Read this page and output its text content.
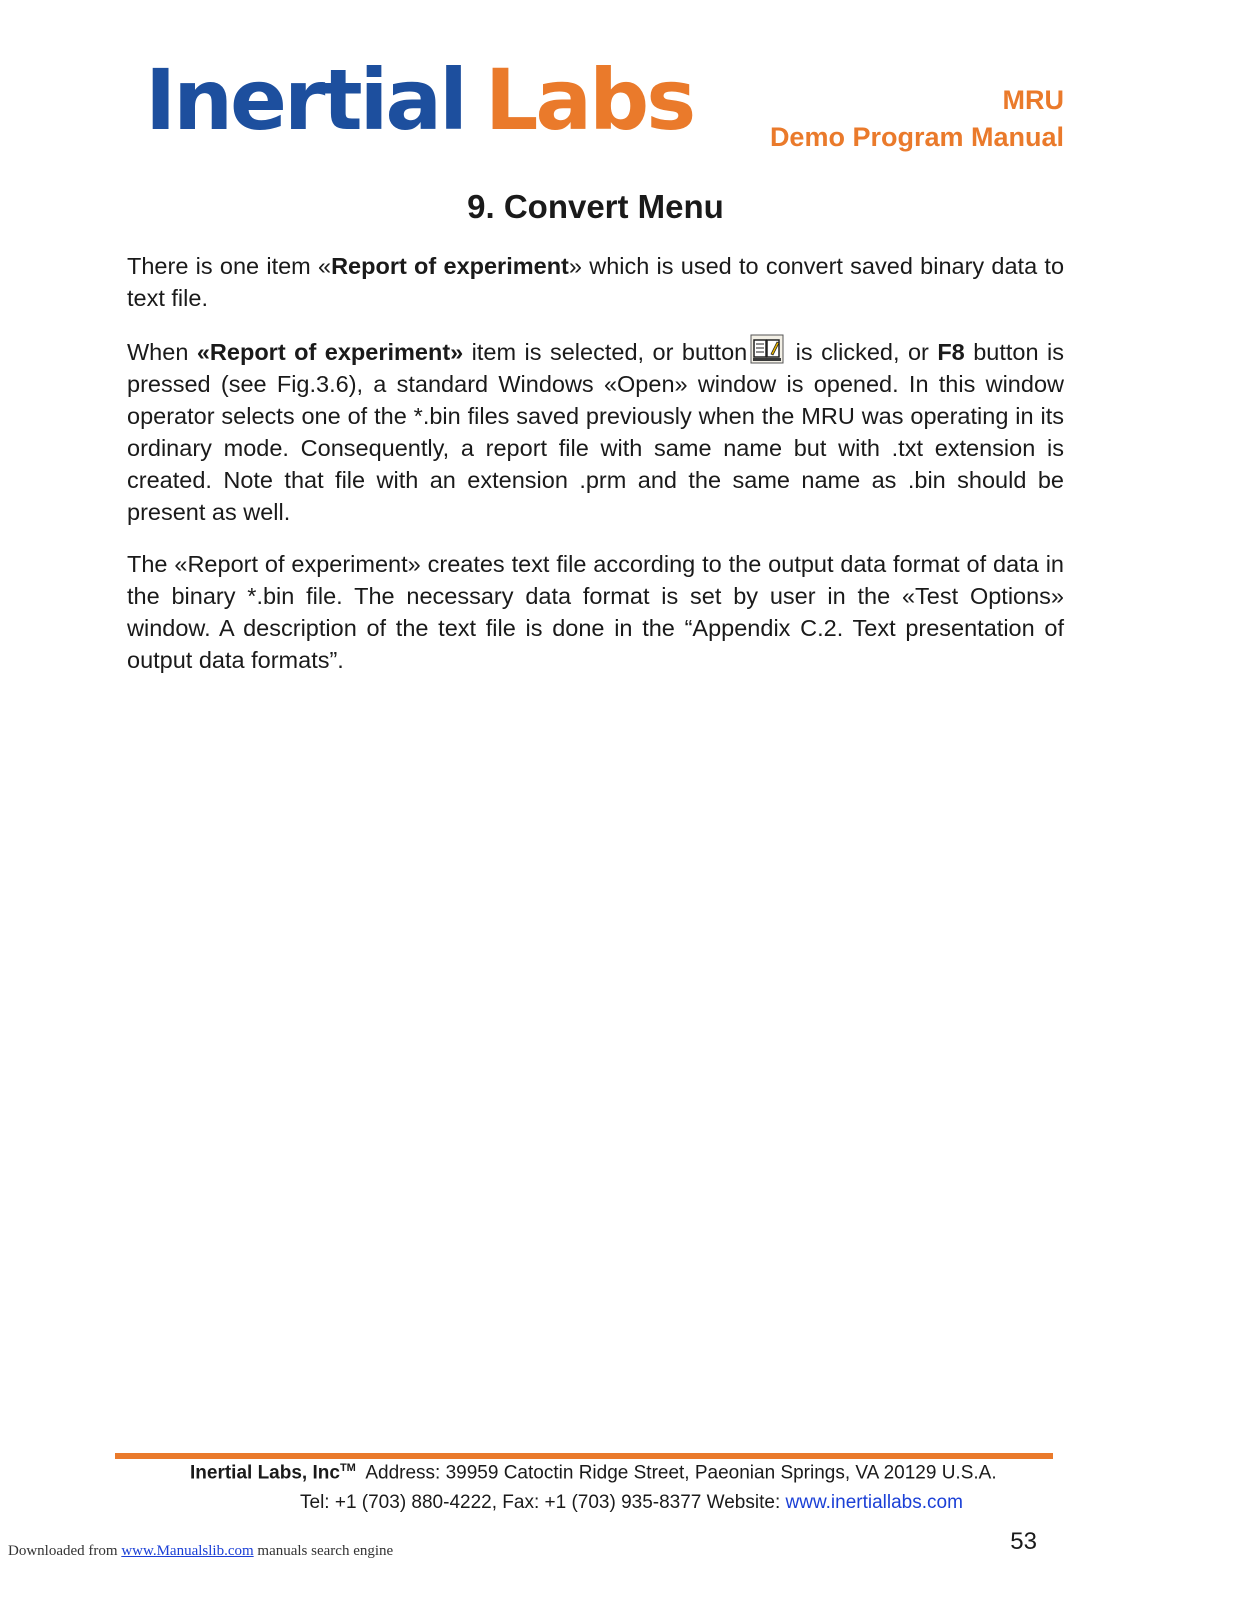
Inertial Labs	MRU
Demo Program Manual
9. Convert Menu

There is one item «Report of experiment» which is used to convert saved binary data to text file.

When «Report of experiment» item is selected, or button is clicked, or F8 button is pressed (see Fig.3.6), a standard Windows «Open» window is opened. In this window operator selects one of the *.bin files saved previously when the MRU was operating in its ordinary mode. Consequently, a report file with same name but with .txt extension is created. Note that file with an extension .prm and the same name as .bin should be present as well.

The «Report of experiment» creates text file according to the output data format of data in the binary *.bin file. The necessary data format is set by user in the «Test Options» window. A description of the text file is done in the “Appendix C.2. Text presentation of output data formats”.

Inertial Labs, Inc™ Address: 39959 Catoctin Ridge Street, Paeonian Springs, VA 20129 U.S.A.
Tel: +1 (703) 880-4222, Fax: +1 (703) 935-8377 Website: www.inertiallabs.com
53
Downloaded from www.Manualslib.com manuals search engine
